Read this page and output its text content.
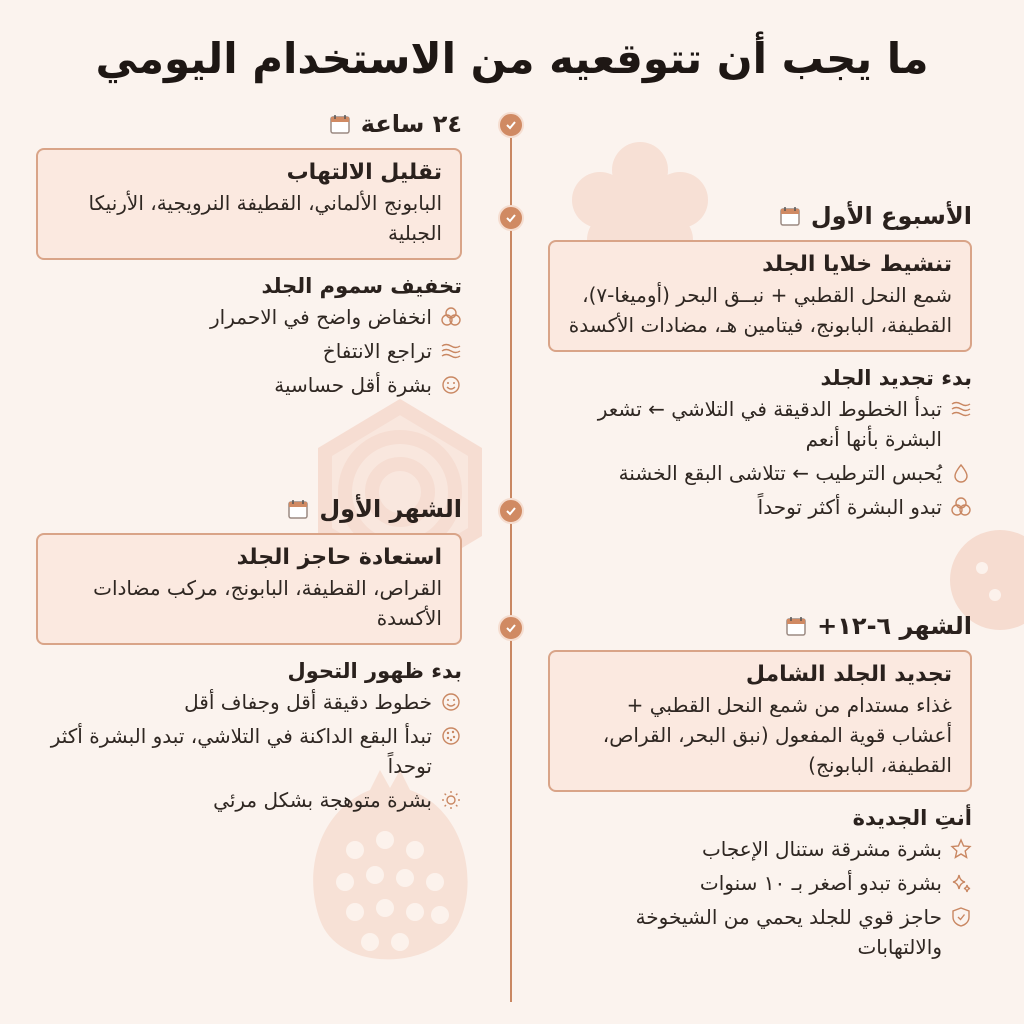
ما يجب أن تتوقعيه من الاستخدام اليومي
٢٤ ساعة
تقليل الالتهاب
البابونج الألماني، القطيفة النرويجية، الأرنيكا الجبلية
تخفيف سموم الجلد
انخفاض واضح في الاحمرار
تراجع الانتفاخ
بشرة أقل حساسية
الأسبوع الأول
تنشيط خلايا الجلد
شمع النحل القطبي + نبــق البحر (أوميغا-٧)، القطيفة، البابونج، فيتامين هـ، مضادات الأكسدة
بدء تجديد الجلد
تبدأ الخطوط الدقيقة في التلاشي ← تشعر البشرة بأنها أنعم
يُحبس الترطيب ← تتلاشى البقع الخشنة
تبدو البشرة أكثر توحداً
الشهر الأول
استعادة حاجز الجلد
القراص، القطيفة، البابونج، مركب مضادات الأكسدة
بدء ظهور التحول
خطوط دقيقة أقل وجفاف أقل
تبدأ البقع الداكنة في التلاشي، تبدو البشرة أكثر توحداً
بشرة متوهجة بشكل مرئي
الشهر ٦-١٢+
تجديد الجلد الشامل
غذاء مستدام من شمع النحل القطبي + أعشاب قوية المفعول (نبق البحر، القراص، القطيفة، البابونج)
أنتِ الجديدة
بشرة مشرقة ستنال الإعجاب
بشرة تبدو أصغر بـ ١٠ سنوات
حاجز قوي للجلد يحمي من الشيخوخة والالتهابات
